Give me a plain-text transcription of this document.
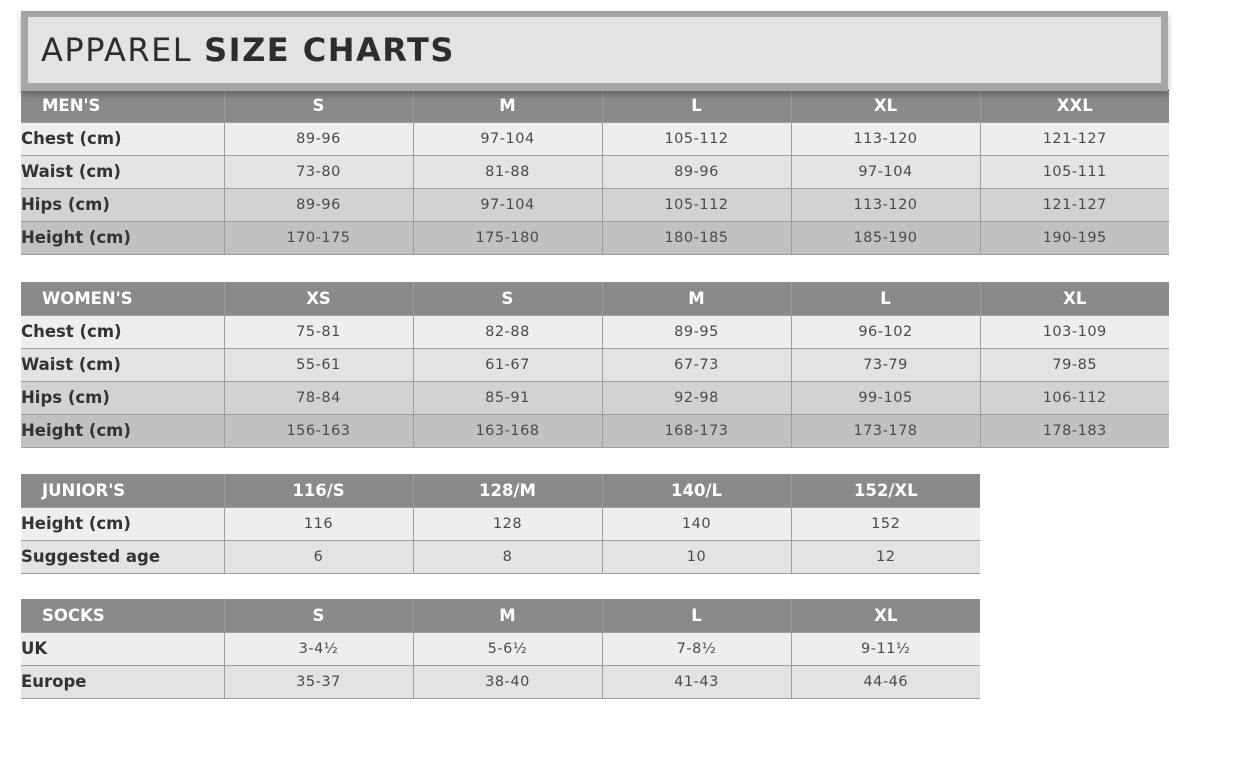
APPAREL SIZE CHARTS
MEN'S	S	M	L	XL	XXL
Chest (cm)	89-96	97-104	105-112	113-120	121-127
Waist (cm)	73-80	81-88	89-96	97-104	105-111
Hips (cm)	89-96	97-104	105-112	113-120	121-127
Height (cm)	170-175	175-180	180-185	185-190	190-195
WOMEN'S	XS	S	M	L	XL
Chest (cm)	75-81	82-88	89-95	96-102	103-109
Waist (cm)	55-61	61-67	67-73	73-79	79-85
Hips (cm)	78-84	85-91	92-98	99-105	106-112
Height (cm)	156-163	163-168	168-173	173-178	178-183
JUNIOR'S	116/S	128/M	140/L	152/XL
Height (cm)	116	128	140	152
Suggested age	6	8	10	12
SOCKS	S	M	L	XL
UK	3-4½	5-6½	7-8½	9-11½
Europe	35-37	38-40	41-43	44-46
